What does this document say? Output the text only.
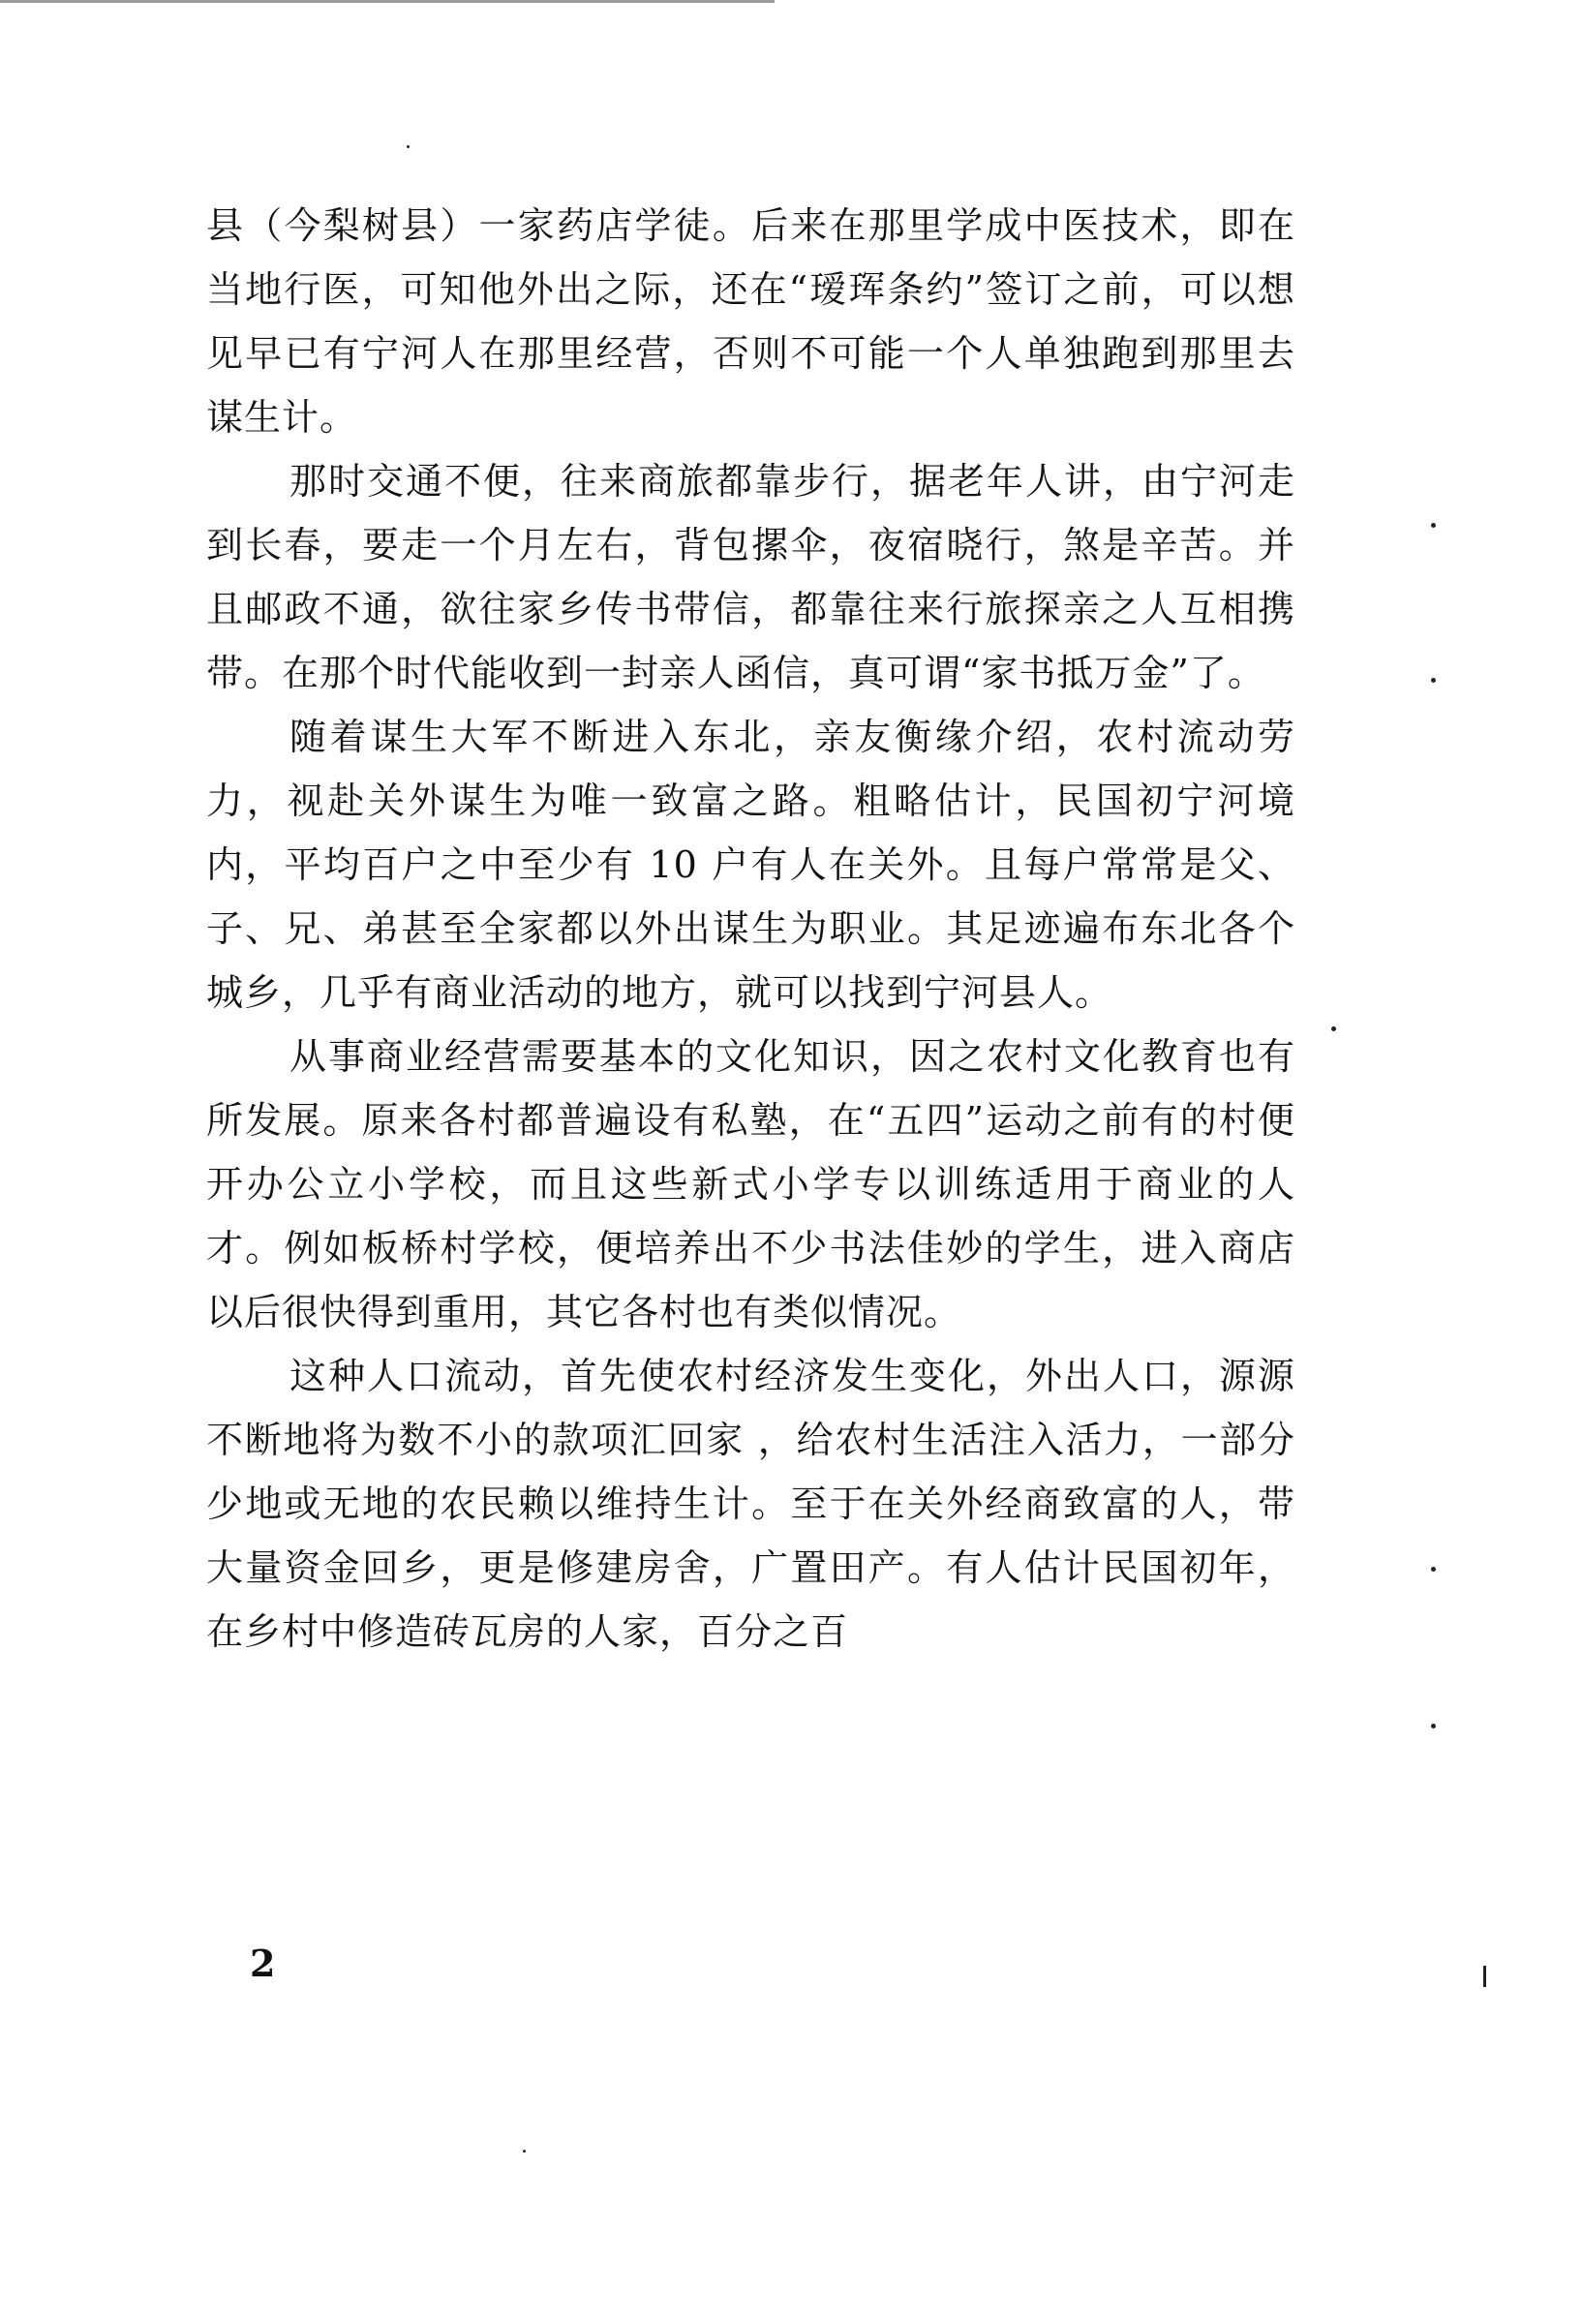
县（今梨树县）一家药店学徒。后来在那里学成中医技术，即在当地行医，可知他外出之际，还在“瑷珲条约”签订之前，可以想见早已有宁河人在那里经营，否则不可能一个人单独跑到那里去谋生计。

那时交通不便，往来商旅都靠步行，据老年人讲，由宁河走到长春，要走一个月左右，背包摞伞，夜宿晓行，煞是辛苦。并且邮政不通，欲往家乡传书带信，都靠往来行旅探亲之人互相携带。在那个时代能收到一封亲人函信，真可谓“家书抵万金”了。

随着谋生大军不断进入东北，亲友衡缘介绍，农村流动劳力，视赴关外谋生为唯一致富之路。粗略估计，民国初宁河境内，平均百户之中至少有 10 户有人在关外。且每户常常是父、子、兄、弟甚至全家都以外出谋生为职业。其足迹遍布东北各个城乡，几乎有商业活动的地方，就可以找到宁河县人。

从事商业经营需要基本的文化知识，因之农村文化教育也有所发展。原来各村都普遍设有私塾，在“五四”运动之前有的村便开办公立小学校，而且这些新式小学专以训练适用于商业的人才。例如板桥村学校，便培养出不少书法佳妙的学生，进入商店以后很快得到重用，其它各村也有类似情况。

这种人口流动，首先使农村经济发生变化，外出人口，源源不断地将为数不小的款项汇回家 ，给农村生活注入活力，一部分少地或无地的农民赖以维持生计。至于在关外经商致富的人，带大量资金回乡，更是修建房舍，广置田产。有人估计民国初年，在乡村中修造砖瓦房的人家，百分之百

2
